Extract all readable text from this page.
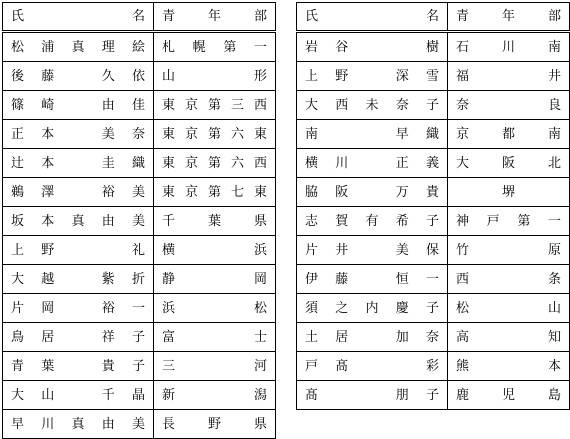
氏　　　　　名	青　年　部
松浦真理絵	札幌第一
後藤　久依	山　　形
篠崎　由佳	東京第三西
正本　美奈	東京第六東
辻本　圭織	東京第六西
鵜澤　裕美	東京第七東
坂本真由美	千　葉　県
上野　　礼	横　　浜
大越　紫折	静　　岡
片岡　裕一	浜　　松
鳥居　祥子	富　　士
青葉　貴子	三　　河
大山　千晶	新　　潟
早川真由美	長　野　県
氏　　　　　名	青　年　部
岩谷　　樹	石　川　南
上野　深雪	福　　井
大西未奈子	奈　　良
南　　早織	京　都　南
横川　正義	大　阪　北
脇阪　万貴	堺
志賀有希子	神戸第一
片井　美保	竹　　原
伊藤　恒一	西　　条
須之内慶子	松　　山
土居　加奈	高　　知
戸髙　　彩	熊　　本
髙　　朋子	鹿　児　島
